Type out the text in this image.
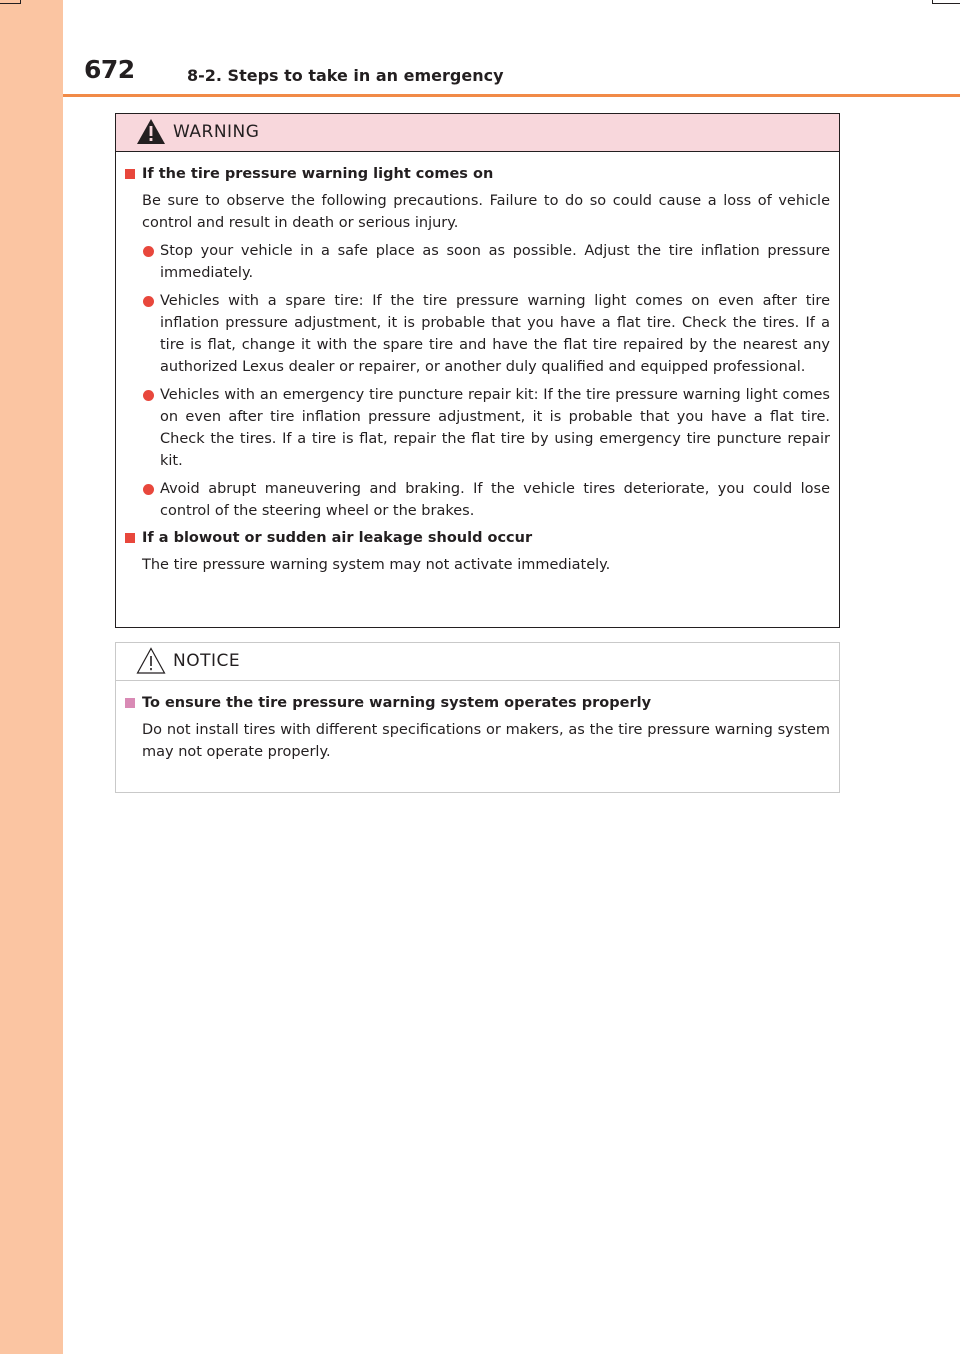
672	8-2. Steps to take in an emergency
WARNING
If the tire pressure warning light comes on
Be sure to observe the following precautions. Failure to do so could cause a loss of vehicle control and result in death or serious injury.
Stop your vehicle in a safe place as soon as possible. Adjust the tire inflation pressure immediately.
Vehicles with a spare tire: If the tire pressure warning light comes on even after tire inflation pressure adjustment, it is probable that you have a flat tire. Check the tires. If a tire is flat, change it with the spare tire and have the flat tire repaired by the nearest any authorized Lexus dealer or repairer, or another duly qualified and equipped professional.
Vehicles with an emergency tire puncture repair kit: If the tire pressure warning light comes on even after tire inflation pressure adjustment, it is probable that you have a flat tire. Check the tires. If a tire is flat, repair the flat tire by using emergency tire puncture repair kit.
Avoid abrupt maneuvering and braking. If the vehicle tires deteriorate, you could lose control of the steering wheel or the brakes.
If a blowout or sudden air leakage should occur
The tire pressure warning system may not activate immediately.
NOTICE
To ensure the tire pressure warning system operates properly
Do not install tires with different specifications or makers, as the tire pressure warning system may not operate properly.
